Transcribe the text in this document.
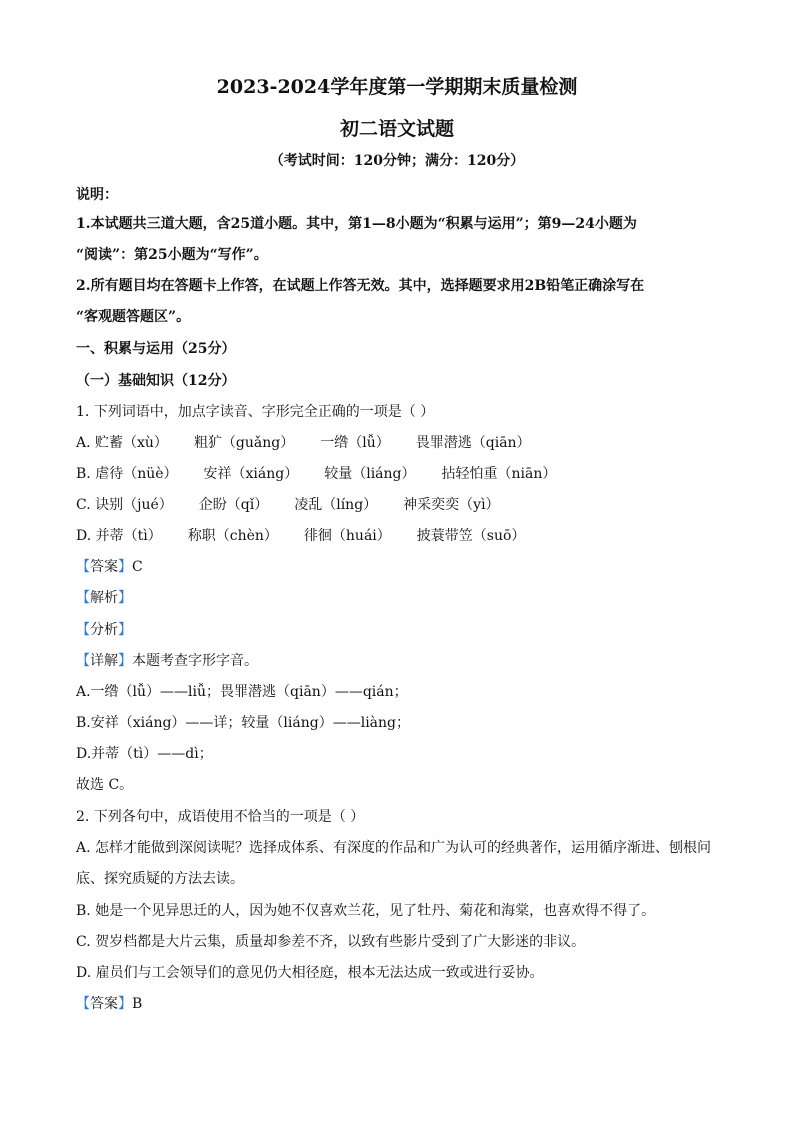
2023-2024学年度第一学期期末质量检测
初二语文试题
（考试时间：120分钟；满分：120分）
说明：
1.本试题共三道大题，含25道小题。其中，第1—8小题为“积累与运用”；第9—24小题为
“阅读”：第25小题为“写作”。
2.所有题目均在答题卡上作答，在试题上作答无效。其中，选择题要求用2B铅笔正确涂写在
“客观题答题区”。
一、积累与运用（25分）
（一）基础知识（12分）
1. 下列词语中，加点字读音、字形完全正确的一项是（ ）
A. 贮蓄（xù） 粗犷（guǎng） 一绺（lǚ） 畏罪潜逃（qiān）
B. 虐待（nüè） 安祥（xiáng） 较量（liáng） 拈轻怕重（niān）
C. 诀别（jué） 企盼（qǐ） 凌乱（líng） 神采奕奕（yì）
D. 并蒂（tì） 称职（chèn） 徘徊（huái） 披蓑带笠（suō）
【答案】C
【解析】
【分析】
【详解】本题考查字形字音。
A.一绺（lǚ）——liǚ；畏罪潜逃（qiān）——qián；
B.安祥（xiáng）——详；较量（liáng）——liàng；
D.并蒂（tì）——dì；
故选 C。
2. 下列各句中，成语使用不恰当的一项是（ ）
A. 怎样才能做到深阅读呢？选择成体系、有深度的作品和广为认可的经典著作，运用循序渐进、刨根问
底、探究质疑的方法去读。
B. 她是一个见异思迁的人，因为她不仅喜欢兰花，见了牡丹、菊花和海棠，也喜欢得不得了。
C. 贺岁档都是大片云集，质量却参差不齐，以致有些影片受到了广大影迷的非议。
D. 雇员们与工会领导们的意见仍大相径庭，根本无法达成一致或进行妥协。
【答案】B
